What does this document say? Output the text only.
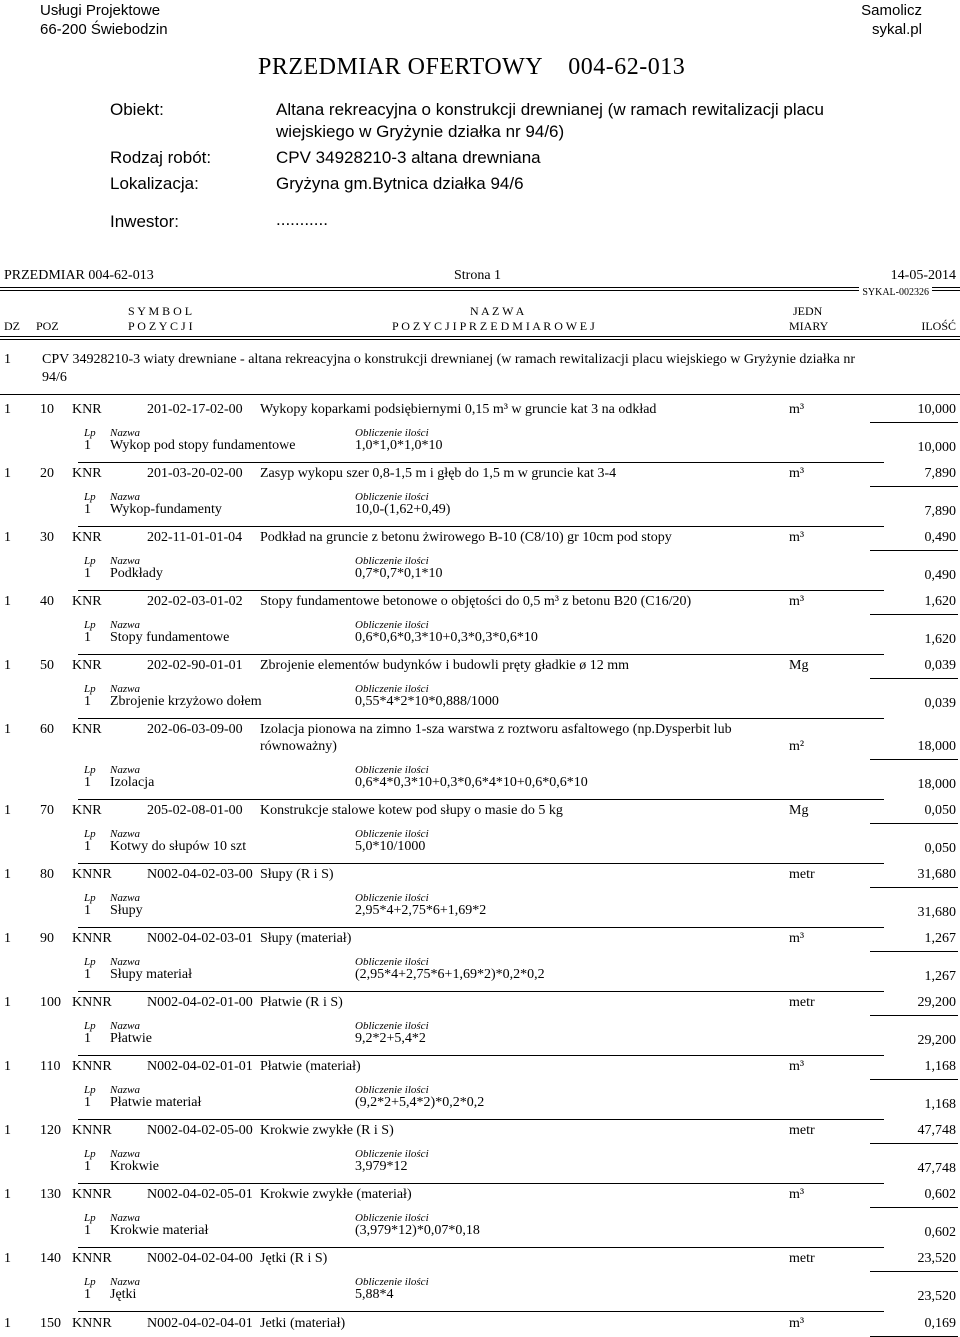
Usługi Projektowe
66-200 Świebodzin
Samolicz
sykal.pl
PRZEDMIAR OFERTOWY    004-62-013
Obiekt:	Altana rekreacyjna o konstrukcji drewnianej (w ramach rewitalizacji placu
wiejskiego w Gryżynie działka nr 94/6)
Rodzaj robót:	CPV 34928210-3 altana drewniana
Lokalizacja:	Gryżyna gm.Bytnica działka 94/6
Inwestor:	...........
PRZEDMIAR 004-62-013	Strona 1	14-05-2014
SYKAL-002326
S Y M B O L	N A Z W A	JEDN
DZ POZ	P O Z Y C J I	P O Z Y C J I P R Z E D M I A R O W E J	MIARY	ILOŚĆ
1 CPV 34928210-3 wiaty drewniane - altana rekreacyjna o konstrukcji drewnianej (w ramach rewitalizacji placu wiejskiego w Gryżynie działka nr
94/6
1 10 KNR	201-02-17-02-00 Wykopy koparkami podsiębiernymi 0,15 m³ w gruncie kat 3 na odkład	m³	10,000
Lp Nazwa	Obliczenie ilości
1 Wykop pod stopy fundamentowe	1,0*1,0*1,0*10	10,000
1 20 KNR	201-03-20-02-00 Zasyp wykopu szer 0,8-1,5 m i głęb do 1,5 m w gruncie kat 3-4	m³	7,890
Lp Nazwa	Obliczenie ilości
1 Wykop-fundamenty	10,0-(1,62+0,49)	7,890
1 30 KNR	202-11-01-01-04 Podkład na gruncie z betonu żwirowego B-10 (C8/10) gr 10cm pod stopy	m³	0,490
Lp Nazwa	Obliczenie ilości
1 Podkłady	0,7*0,7*0,1*10	0,490
1 40 KNR	202-02-03-01-02 Stopy fundamentowe betonowe o objętości do 0,5 m³ z betonu B20 (C16/20)	m³	1,620
Lp Nazwa	Obliczenie ilości
1 Stopy fundamentowe	0,6*0,6*0,3*10+0,3*0,3*0,6*10	1,620
1 50 KNR	202-02-90-01-01 Zbrojenie elementów budynków i budowli pręty gładkie ø 12 mm	Mg	0,039
Lp Nazwa	Obliczenie ilości
1 Zbrojenie krzyżowo dołem	0,55*4*2*10*0,888/1000	0,039
1 60 KNR	202-06-03-09-00 Izolacja pionowa na zimno 1-sza warstwa z roztworu asfaltowego (np.Dysperbit lub
równoważny)	m²	18,000
Lp Nazwa	Obliczenie ilości
1 Izolacja	0,6*4*0,3*10+0,3*0,6*4*10+0,6*0,6*10	18,000
1 70 KNR	205-02-08-01-00 Konstrukcje stalowe kotew pod słupy o masie do 5 kg	Mg	0,050
Lp Nazwa	Obliczenie ilości
1 Kotwy do słupów 10 szt	5,0*10/1000	0,050
1 80 KNNR	N002-04-02-03-00 Słupy (R i S)	metr	31,680
Lp Nazwa	Obliczenie ilości
1 Słupy	2,95*4+2,75*6+1,69*2	31,680
1 90 KNNR	N002-04-02-03-01 Słupy (materiał)	m³	1,267
Lp Nazwa	Obliczenie ilości
1 Słupy materiał	(2,95*4+2,75*6+1,69*2)*0,2*0,2	1,267
1 100 KNNR	N002-04-02-01-00 Płatwie (R i S)	metr	29,200
Lp Nazwa	Obliczenie ilości
1 Płatwie	9,2*2+5,4*2	29,200
1 110 KNNR	N002-04-02-01-01 Płatwie (materiał)	m³	1,168
Lp Nazwa	Obliczenie ilości
1 Płatwie materiał	(9,2*2+5,4*2)*0,2*0,2	1,168
1 120 KNNR	N002-04-02-05-00 Krokwie zwykłe (R i S)	metr	47,748
Lp Nazwa	Obliczenie ilości
1 Krokwie	3,979*12	47,748
1 130 KNNR	N002-04-02-05-01 Krokwie zwykłe (materiał)	m³	0,602
Lp Nazwa	Obliczenie ilości
1 Krokwie materiał	(3,979*12)*0,07*0,18	0,602
1 140 KNNR	N002-04-02-04-00 Jętki (R i S)	metr	23,520
Lp Nazwa	Obliczenie ilości
1 Jętki	5,88*4	23,520
1 150 KNNR	N002-04-02-04-01 Jetki (materiał)	m³	0,169
